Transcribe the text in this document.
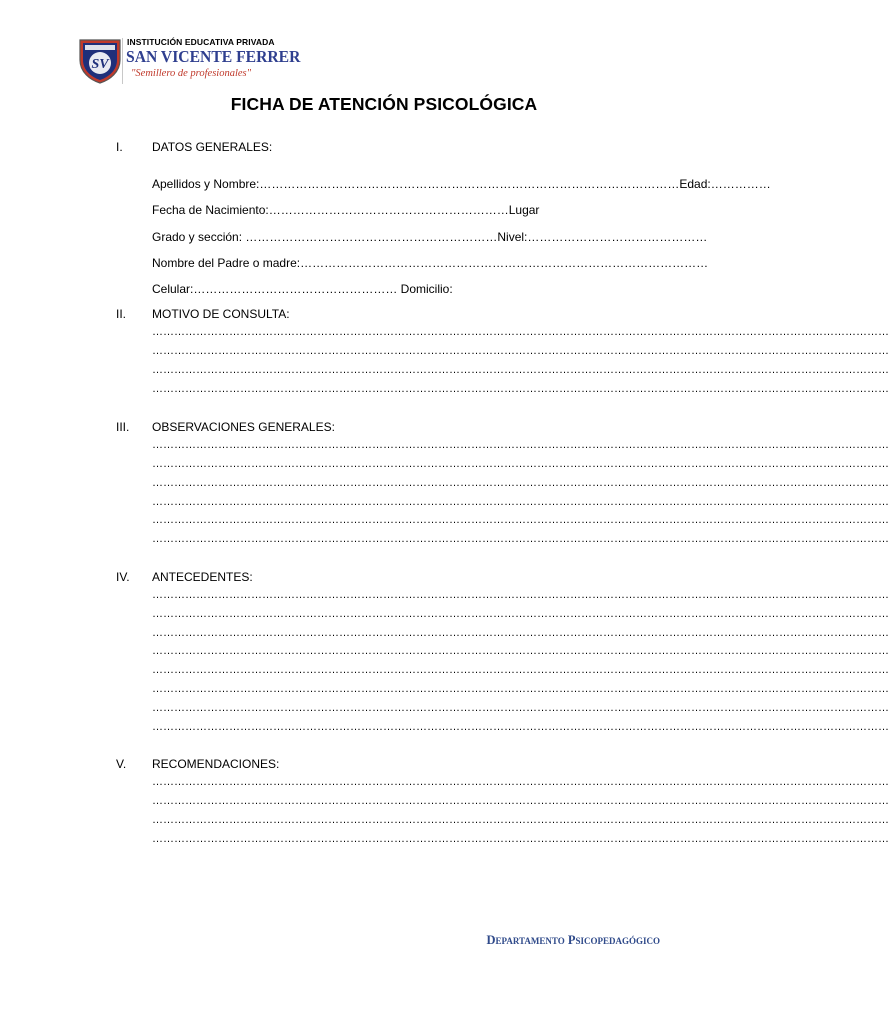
SV
INSTITUCIÓN EDUCATIVA PRIVADA
SAN VICENTE FERRER
"Semillero de profesionales"
FICHA DE ATENCIÓN PSICOLÓGICA
I. DATOS GENERALES:
Apellidos y Nombre:……………………………………………………………………………………………Edad:……………
Fecha de Nacimiento:……………………………………………………Lugar
Grado y sección: ………………………………………………………Nivel:………………………………………
Nombre del Padre o madre:…………………………………………………………………………………………
Celular:…………………………………………… Domicilio:
II. MOTIVO DE CONSULTA:
…………………………………………………………………………………………………………………………………………………………………………………
…………………………………………………………………………………………………………………………………………………………………………………
…………………………………………………………………………………………………………………………………………………………………………………
…………………………………………………………………………………………………………………………………………………………………………………
III. OBSERVACIONES GENERALES:
…………………………………………………………………………………………………………………………………………………………………………………
…………………………………………………………………………………………………………………………………………………………………………………
…………………………………………………………………………………………………………………………………………………………………………………
…………………………………………………………………………………………………………………………………………………………………………………
…………………………………………………………………………………………………………………………………………………………………………………
…………………………………………………………………………………………………………………………………………………………………………………
IV. ANTECEDENTES:
…………………………………………………………………………………………………………………………………………………………………………………
…………………………………………………………………………………………………………………………………………………………………………………
…………………………………………………………………………………………………………………………………………………………………………………
…………………………………………………………………………………………………………………………………………………………………………………
…………………………………………………………………………………………………………………………………………………………………………………
…………………………………………………………………………………………………………………………………………………………………………………
…………………………………………………………………………………………………………………………………………………………………………………
…………………………………………………………………………………………………………………………………………………………………………………
V. RECOMENDACIONES:
…………………………………………………………………………………………………………………………………………………………………………………
…………………………………………………………………………………………………………………………………………………………………………………
…………………………………………………………………………………………………………………………………………………………………………………
…………………………………………………………………………………………………………………………………………………………………………………
Departamento Psicopedagógico
